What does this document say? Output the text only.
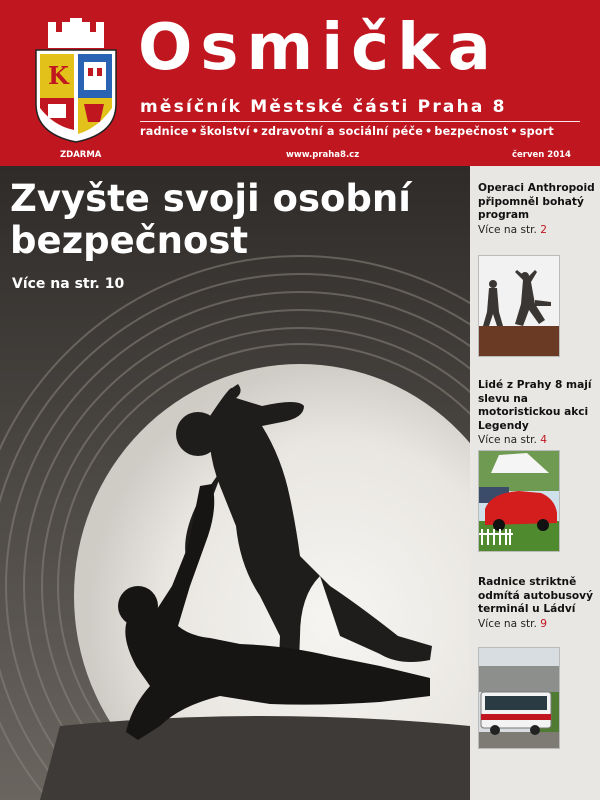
K Osmička
měsíčník Městské části Praha 8
radnice • školství • zdravotní a sociální péče • bezpečnost • sport
ZDARMA	www.praha8.cz	červen 2014
Zvyšte svoji osobní bezpečnost
Více na str. 10
Operaci Anthropoid připomněl bohatý program
Více na str. 2
Lidé z Prahy 8 mají slevu na motoristickou akci Legendy
Více na str. 4
Radnice striktně odmítá autobusový terminál u Ládví
Více na str. 9
